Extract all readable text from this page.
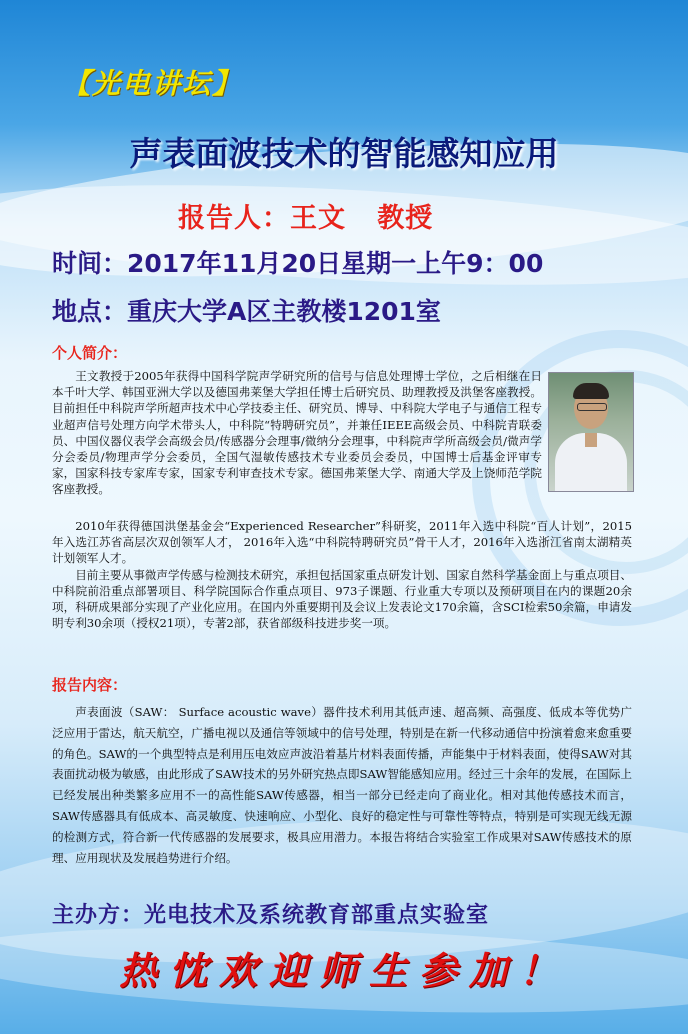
【光电讲坛】
声表面波技术的智能感知应用
报告人：王文   教授
时间：2017年11月20日星期一上午9：00
地点：重庆大学A区主教楼1201室
个人简介：

王文教授于2005年获得中国科学院声学研究所的信号与信息处理博士学位，之后相继在日本千叶大学、韩国亚洲大学以及德国弗莱堡大学担任博士后研究员、助理教授及洪堡客座教授。目前担任中科院声学所超声技术中心学技委主任、研究员、博导、中科院大学电子与通信工程专业超声信号处理方向学术带头人，中科院“特聘研究员”，并兼任IEEE高级会员、中科院青联委员、中国仪器仪表学会高级会员/传感器分会理事/微纳分会理事，中科院声学所高级会员/微声学分会委员/物理声学分会委员，全国气湿敏传感技术专业委员会委员，中国博士后基金评审专家，国家科技专家库专家，国家专利审查技术专家。德国弗莱堡大学、南通大学及上饶师范学院客座教授。

2010年获得德国洪堡基金会“Experienced Researcher”科研奖，2011年入选中科院“百人计划”，2015年入选江苏省高层次双创领军人才， 2016年入选“中科院特聘研究员”骨干人才，2016年入选浙江省南太湖精英计划领军人才。

目前主要从事微声学传感与检测技术研究，承担包括国家重点研发计划、国家自然科学基金面上与重点项目、中科院前沿重点部署项目、科学院国际合作重点项目、973子课题、行业重大专项以及预研项目在内的课题20余项，科研成果部分实现了产业化应用。在国内外重要期刊及会议上发表论文170余篇，含SCI检索50余篇，申请发明专利30余项（授权21项），专著2部，获省部级科技进步奖一项。

报告内容：

声表面波（SAW： Surface acoustic wave）器件技术利用其低声速、超高频、高强度、低成本等优势广泛应用于雷达，航天航空，广播电视以及通信等领域中的信号处理，特别是在新一代移动通信中扮演着愈来愈重要的角色。SAW的一个典型特点是利用压电效应声波沿着基片材料表面传播，声能集中于材料表面，使得SAW对其表面扰动极为敏感，由此形成了SAW技术的另外研究热点即SAW智能感知应用。经过三十余年的发展，在国际上已经发展出种类繁多应用不一的高性能SAW传感器，相当一部分已经走向了商业化。相对其他传感技术而言，SAW传感器具有低成本、高灵敏度、快速响应、小型化、良好的稳定性与可靠性等特点，特别是可实现无线无源的检测方式，符合新一代传感器的发展要求，极具应用潜力。本报告将结合实验室工作成果对SAW传感技术的原理、应用现状及发展趋势进行介绍。

主办方：光电技术及系统教育部重点实验室
热忱欢迎师生参加！
